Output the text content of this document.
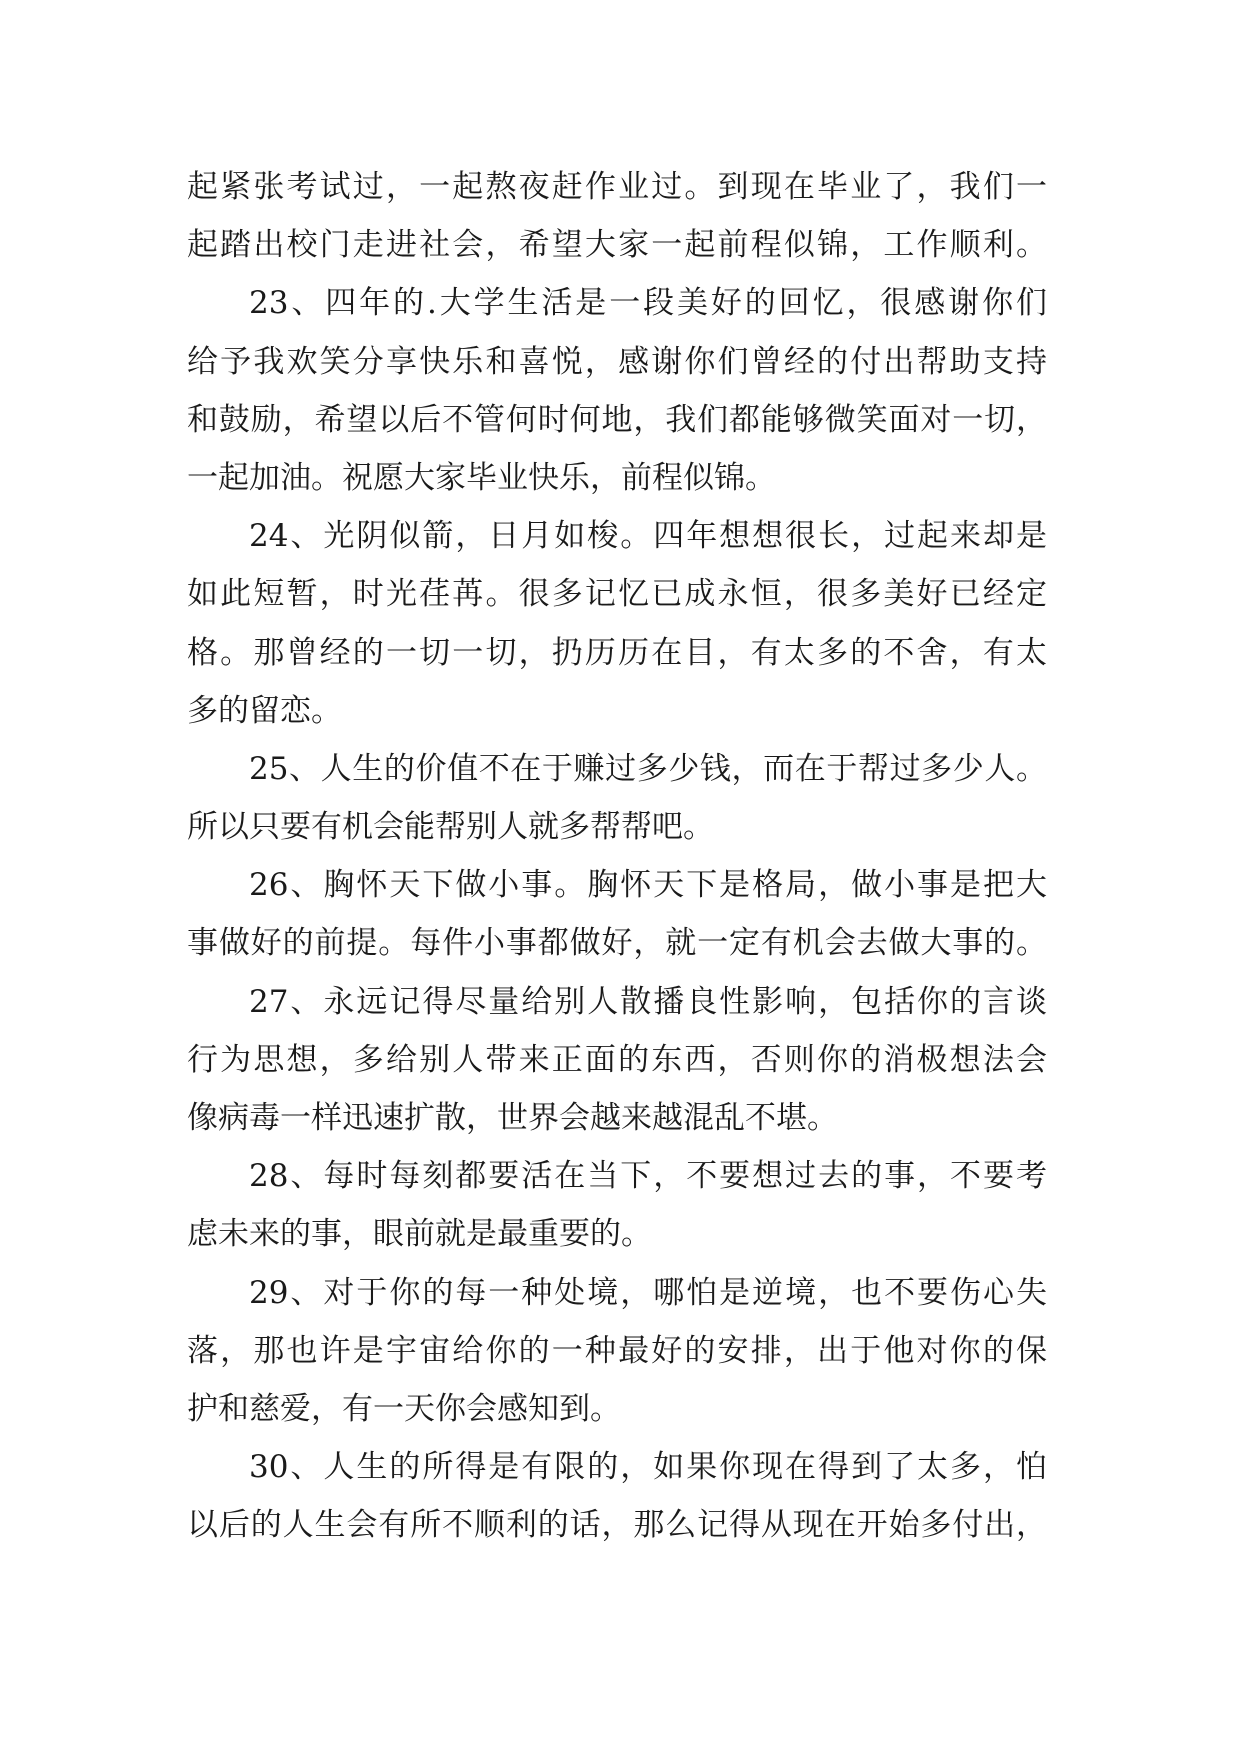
起紧张考试过，一起熬夜赶作业过。到现在毕业了，我们一
起踏出校门走进社会，希望大家一起前程似锦，工作顺利。
23、四年的.大学生活是一段美好的回忆，很感谢你们
给予我欢笑分享快乐和喜悦，感谢你们曾经的付出帮助支持
和鼓励，希望以后不管何时何地，我们都能够微笑面对一切，
一起加油。祝愿大家毕业快乐，前程似锦。
24、光阴似箭，日月如梭。四年想想很长，过起来却是
如此短暂，时光荏苒。很多记忆已成永恒，很多美好已经定
格。那曾经的一切一切，扔历历在目，有太多的不舍，有太
多的留恋。
25、人生的价值不在于赚过多少钱，而在于帮过多少人。
所以只要有机会能帮别人就多帮帮吧。
26、胸怀天下做小事。胸怀天下是格局，做小事是把大
事做好的前提。每件小事都做好，就一定有机会去做大事的。
27、永远记得尽量给别人散播良性影响，包括你的言谈
行为思想，多给别人带来正面的东西，否则你的消极想法会
像病毒一样迅速扩散，世界会越来越混乱不堪。
28、每时每刻都要活在当下，不要想过去的事，不要考
虑未来的事，眼前就是最重要的。
29、对于你的每一种处境，哪怕是逆境，也不要伤心失
落，那也许是宇宙给你的一种最好的安排，出于他对你的保
护和慈爱，有一天你会感知到。
30、人生的所得是有限的，如果你现在得到了太多，怕
以后的人生会有所不顺利的话，那么记得从现在开始多付出，
